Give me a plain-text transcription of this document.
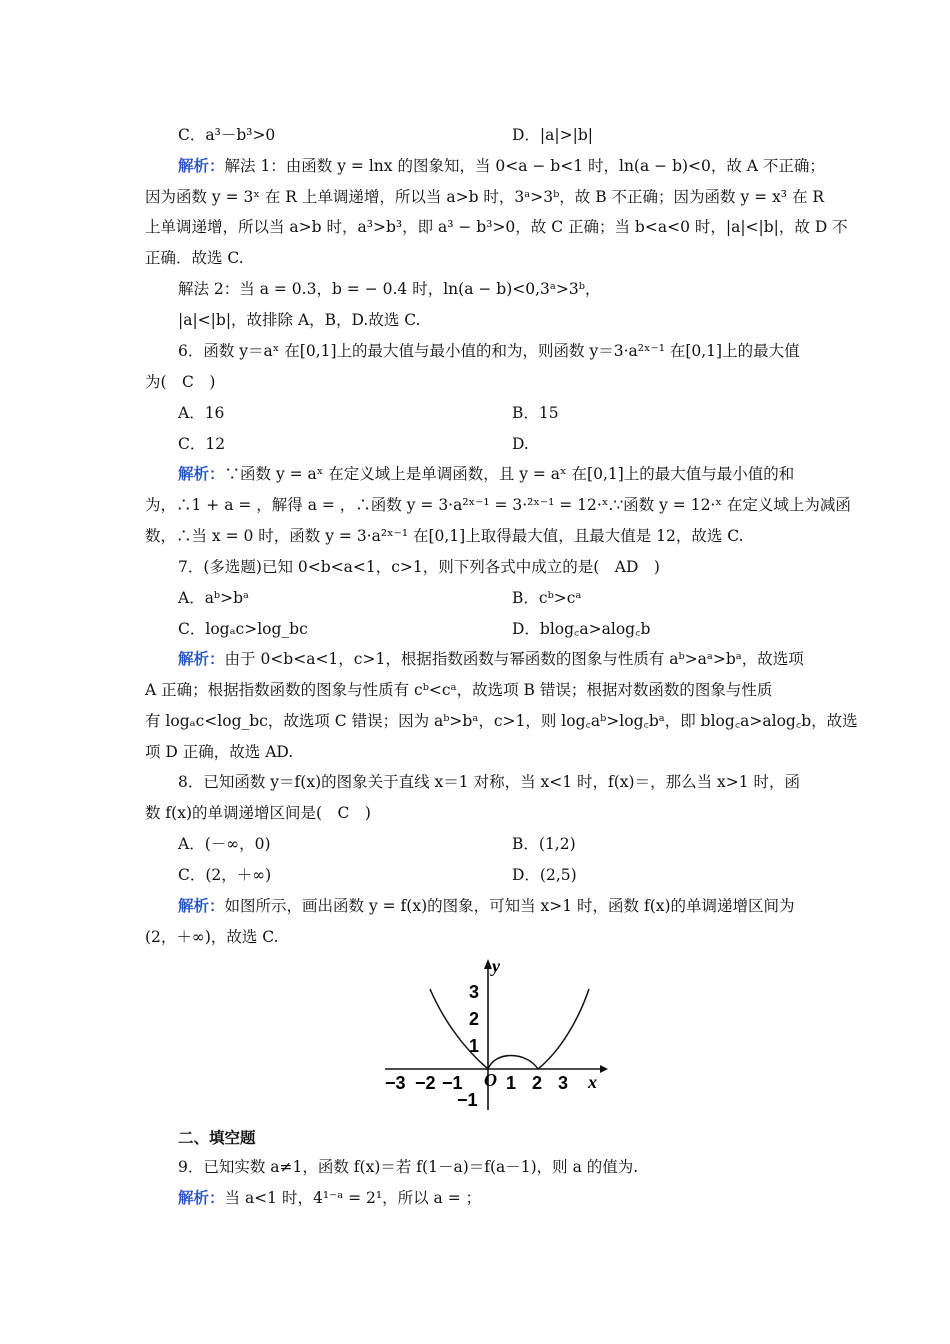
C．a³－b³>0	D．|a|>|b|
解析：解法 1：由函数 y = lnx 的图象知，当 0<a − b<1 时，ln(a − b)<0，故 A 不正确；
因为函数 y = 3ˣ 在 R 上单调递增，所以当 a>b 时，3ᵃ>3ᵇ，故 B 不正确；因为函数 y = x³ 在 R
上单调递增，所以当 a>b 时，a³>b³，即 a³ − b³>0，故 C 正确；当 b<a<0 时，|a|<|b|，故 D 不
正确．故选 C.
解法 2：当 a = 0.3，b = − 0.4 时，ln(a − b)<0,3ᵃ>3ᵇ，
|a|<|b|，故排除 A，B，D.故选 C.
6．函数 y＝aˣ 在[0,1]上的最大值与最小值的和为，则函数 y＝3·a²ˣ⁻¹ 在[0,1]上的最大值
为(　C　)
A．16	B．15
C．12	D.
解析：∵函数 y = aˣ 在定义域上是单调函数，且 y = aˣ 在[0,1]上的最大值与最小值的和
为，∴1 + a = ，解得 a = ，∴函数 y = 3·a²ˣ⁻¹ = 3·²ˣ⁻¹ = 12·ˣ.∵函数 y = 12·ˣ 在定义域上为减函
数，∴当 x = 0 时，函数 y = 3·a²ˣ⁻¹ 在[0,1]上取得最大值，且最大值是 12，故选 C.
7．(多选题)已知 0<b<a<1，c>1，则下列各式中成立的是(　AD　)
A．aᵇ>bᵃ	B．cᵇ>cᵃ
C．logₐc>log_bc	D．blog꜀a>alog꜀b
解析：由于 0<b<a<1，c>1，根据指数函数与幂函数的图象与性质有 aᵇ>aᵃ>bᵃ，故选项
A 正确；根据指数函数的图象与性质有 cᵇ<cᵃ，故选项 B 错误；根据对数函数的图象与性质
有 logₐc<log_bc，故选项 C 错误；因为 aᵇ>bᵃ，c>1，则 log꜀aᵇ>log꜀bᵃ，即 blog꜀a>alog꜀b，故选
项 D 正确，故选 AD.
8．已知函数 y＝f(x)的图象关于直线 x＝1 对称，当 x<1 时，f(x)＝，那么当 x>1 时，函
数 f(x)的单调递增区间是(　C　)
A．(－∞，0)	B．(1,2)
C．(2，＋∞)	D．(2,5)
解析：如图所示，画出函数 y = f(x)的图象，可知当 x>1 时，函数 f(x)的单调递增区间为
(2，＋∞)，故选 C.
二、填空题
9．已知实数 a≠1，函数 f(x)＝若 f(1－a)＝f(a－1)，则 a 的值为.
解析：当 a<1 时，4¹⁻ᵃ = 2¹，所以 a = ；
y
x
O
−3 −2 −1 1 2 3
3
2
1
−1
